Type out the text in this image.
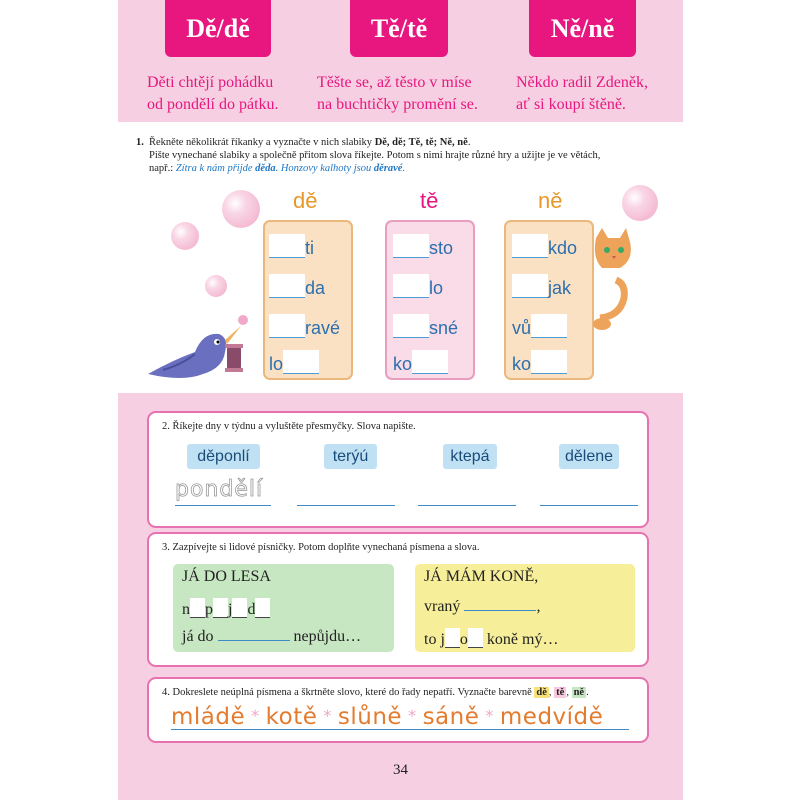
Dě/dě	Tě/tě	Ně/ně
Děti chtějí pohádku
od pondělí do pátku.
Těšte se, až těsto v míse
na buchtičky promění se.
Někdo radil Zdeněk,
ať si koupí štěně.
1. Řekněte několikrát říkanky a vyznačte v nich slabiky Dě, dě; Tě, tě; Ně, ně.
Pište vynechané slabiky a společně přitom slova říkejte. Potom s nimi hrajte různé hry a užijte je ve větách,
např.: Zítra k nám přijde děda. Honzovy kalhoty jsou děravé.
dě	tě	ně
ti
da
ravé
lo
sto
lo
sné
ko
kdo
jak
vů
ko
2. Říkejte dny v týdnu a vyluštěte přesmyčky. Slova napište.
děponlí	terýú	ktepá	dělene
pondělí
3. Zazpívejte si lidové písničky. Potom doplňte vynechaná písmena a slova.
JÁ DO LESA
n p j d
já do	nepůjdu…
JÁ MÁM KONĚ,
vraný	,
to j o koně mý…
4. Dokreslete neúplná písmena a škrtněte slovo, které do řady nepatří. Vyznačte barevně dě , tě , ně .
mládě * kotě * slůně * sáně * medvídě
34
